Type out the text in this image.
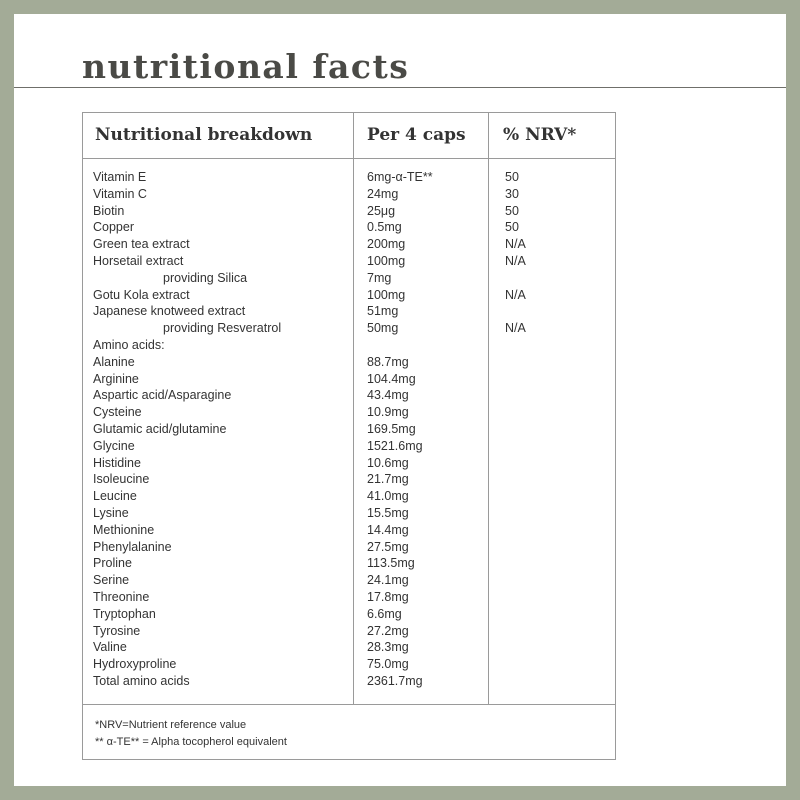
nutritional facts
Nutritional breakdown	Per 4 caps % NRV*
Vitamin E	6mg-α-TE**	50
Vitamin C	24mg	30
Biotin	25μg	50
Copper	0.5mg	50
Green tea extract	200mg	N/A
Horsetail extract	100mg	N/A
providing Silica	7mg
Gotu Kola extract	100mg	N/A
Japanese knotweed extract	51mg
providing Resveratrol	50mg	N/A
Amino acids:
Alanine	88.7mg
Arginine	104.4mg
Aspartic acid/Asparagine	43.4mg
Cysteine	10.9mg
Glutamic acid/glutamine	169.5mg
Glycine	1521.6mg
Histidine	10.6mg
Isoleucine	21.7mg
Leucine	41.0mg
Lysine	15.5mg
Methionine	14.4mg
Phenylalanine	27.5mg
Proline	113.5mg
Serine	24.1mg
Threonine	17.8mg
Tryptophan	6.6mg
Tyrosine	27.2mg
Valine	28.3mg
Hydroxyproline	75.0mg
Total amino acids	2361.7mg
*NRV=Nutrient reference value
** α-TE** = Alpha tocopherol equivalent
